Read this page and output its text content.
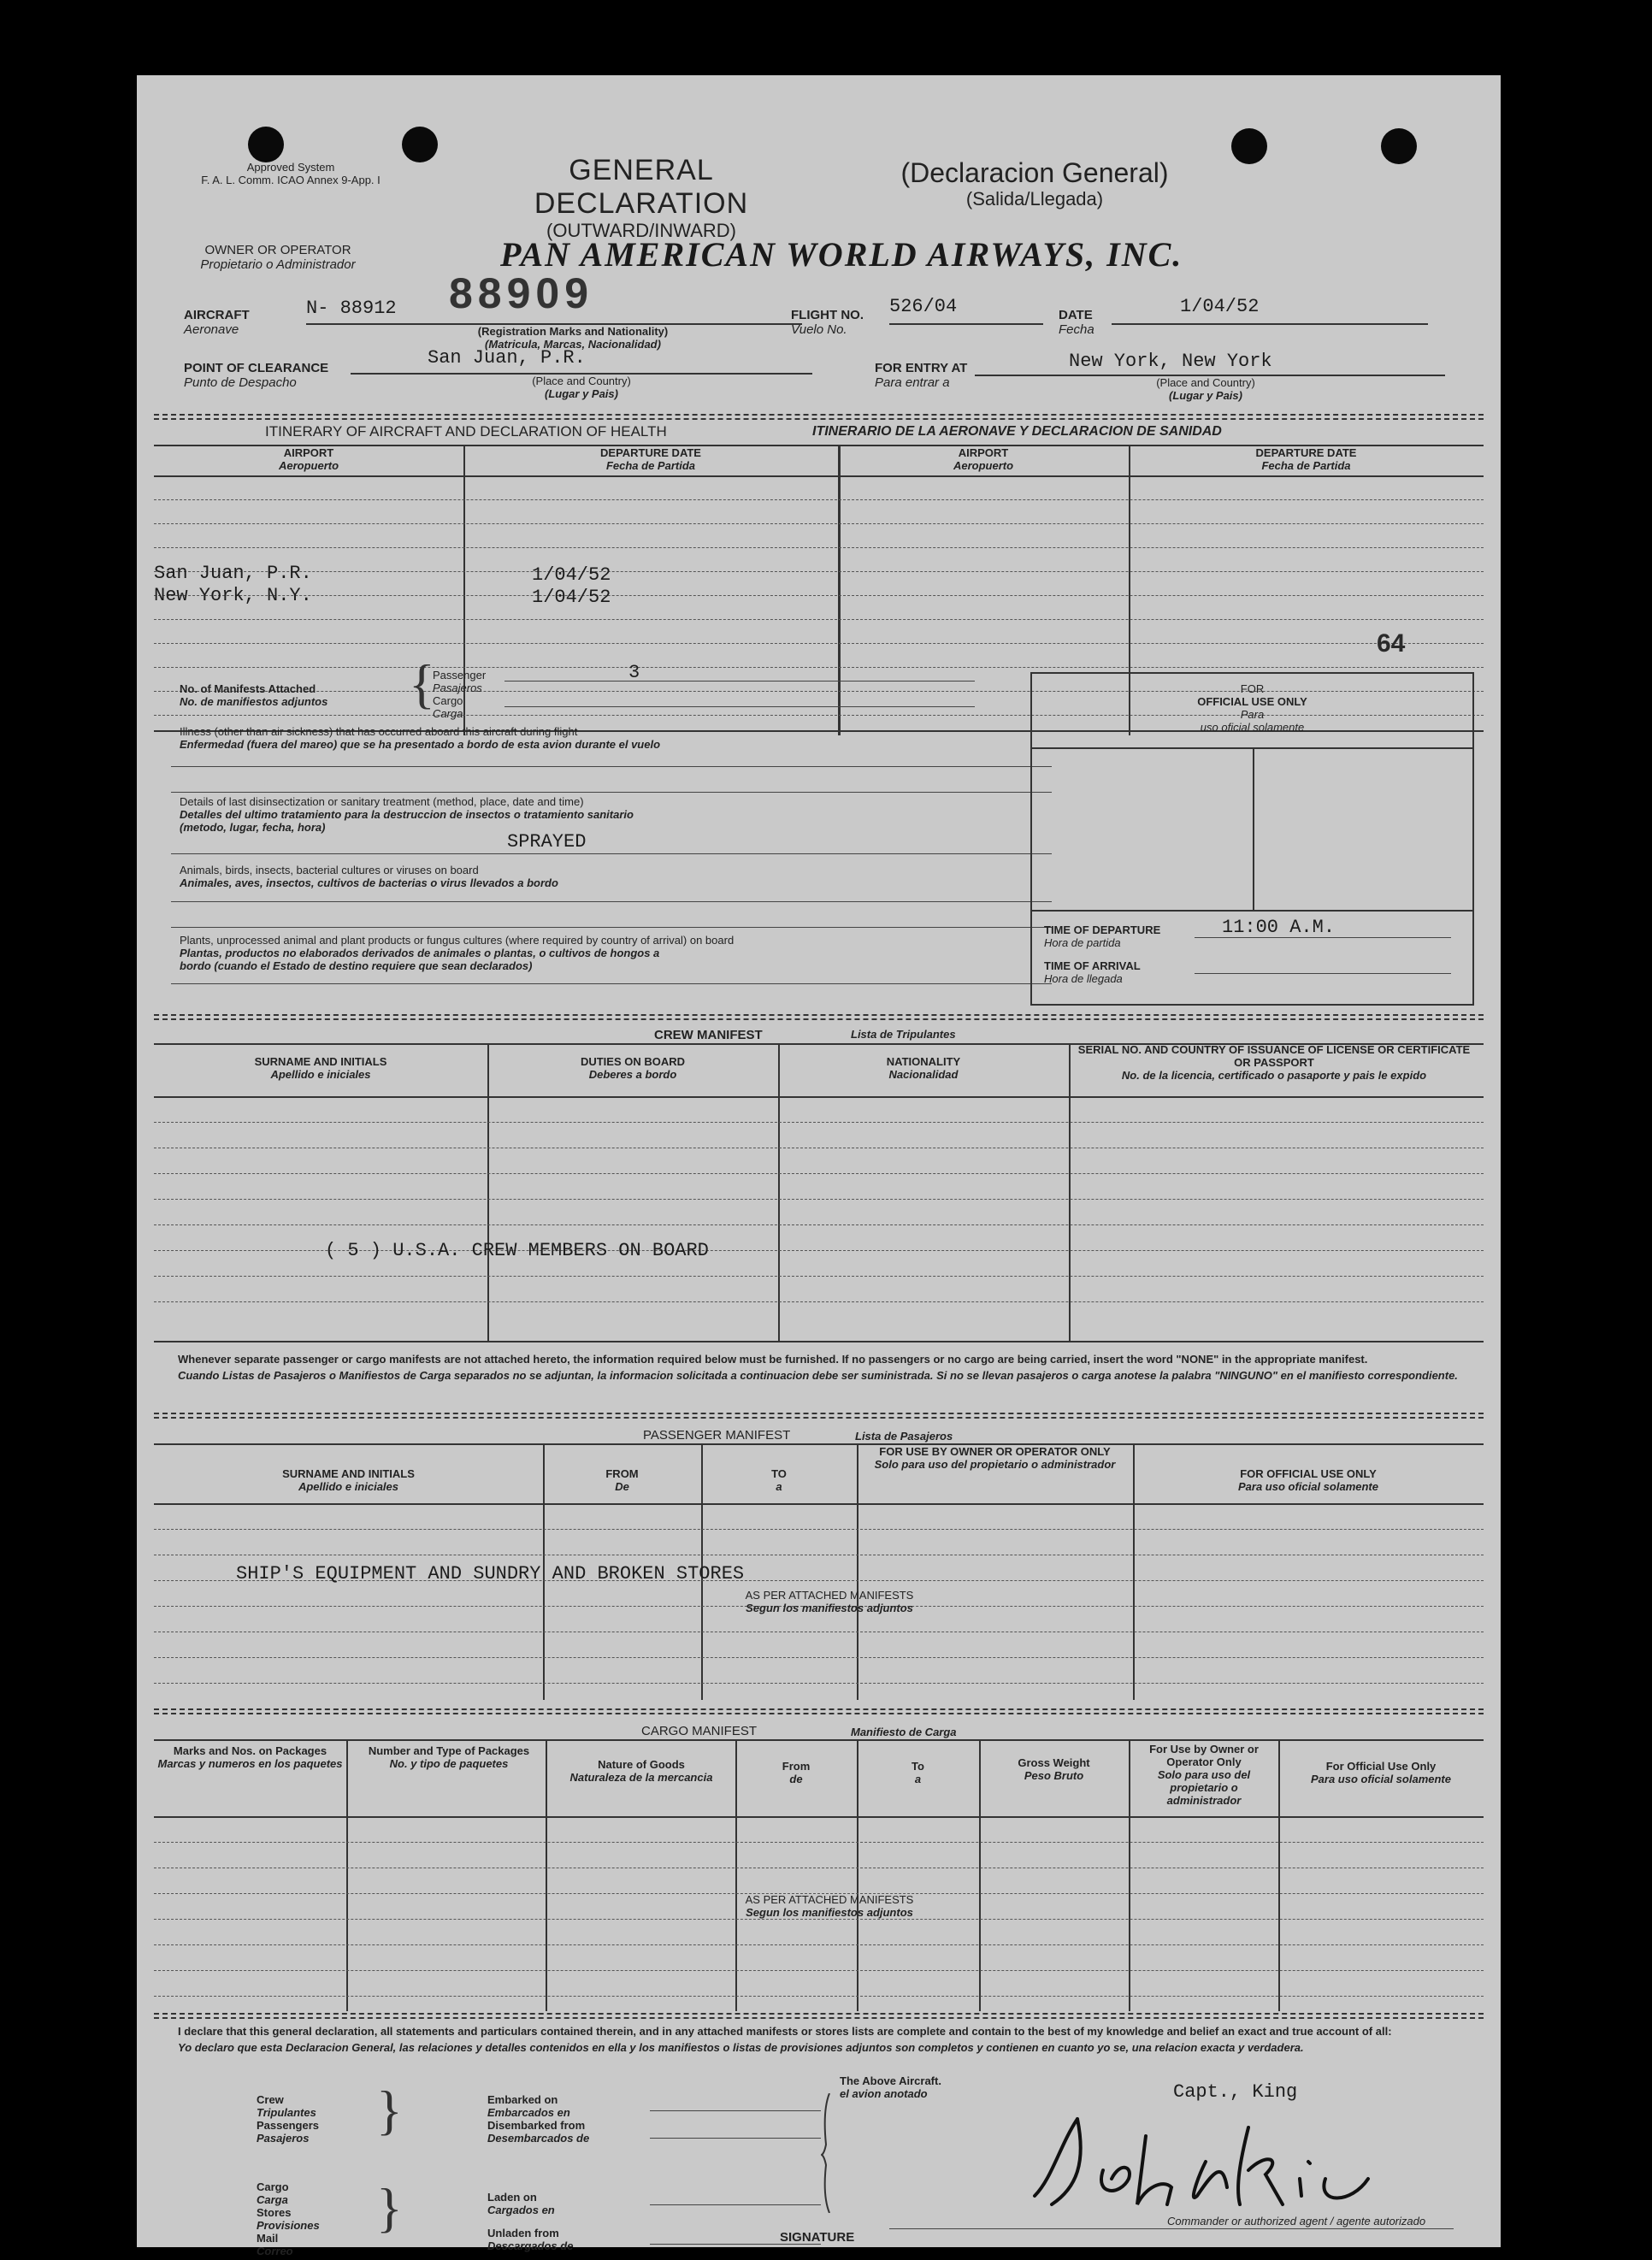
Approved System
F. A. L. Comm. ICAO Annex 9-App. I	GENERAL DECLARATION
(OUTWARD/INWARD)
(Declaracion General)
(Salida/Llegada)
OWNER OR OPERATOR
Propietario o Administrador	PAN AMERICAN WORLD AIRWAYS, INC.
AIRCRAFT
Aeronave
N- 88912 88909
(Registration Marks and Nationality)
(Matricula, Marcas, Nacionalidad)
FLIGHT NO.
Vuelo No.
526/04	DATE
Fecha
1/04/52
POINT OF CLEARANCE
Punto de Despacho
San Juan, P.R.
(Place and Country)
(Lugar y Pais)
FOR ENTRY AT
Para entrar a
New York, New York
(Place and Country)
(Lugar y Pais)
ITINERARY OF AIRCRAFT AND DECLARATION OF HEALTH	ITINERARIO DE LA AERONAVE Y DECLARACION DE SANIDAD
AIRPORT
Aeropuerto
DEPARTURE DATE
Fecha de Partida
AIRPORT
Aeropuerto
DEPARTURE DATE
Fecha de Partida
San Juan, P.R.	1/04/52
New York, N.Y.	1/04/52
64
No. of Manifests Attached
No. de manifiestos adjuntos {
Passenger
Pasajeros
Cargo
Carga
3
Illness (other than air sickness) that has occurred aboard this aircraft during flight
Enfermedad (fuera del mareo) que se ha presentado a bordo de esta avion durante el vuelo
Details of last disinsectization or sanitary treatment (method, place, date and time)
Detalles del ultimo tratamiento para la destruccion de insectos o tratamiento sanitario
(metodo, lugar, fecha, hora)
SPRAYED
Animals, birds, insects, bacterial cultures or viruses on board
Animales, aves, insectos, cultivos de bacterias o virus llevados a bordo
Plants, unprocessed animal and plant products or fungus cultures (where required by country of arrival) on board
Plantas, productos no elaborados derivados de animales o plantas, o cultivos de hongos a
bordo (cuando el Estado de destino requiere que sean declarados)
FOR
OFFICIAL USE ONLY
Para
uso oficial solamente
TIME OF DEPARTURE
Hora de partida
11:00 A.M.
TIME OF ARRIVAL
Hora de llegada
CREW MANIFEST	Lista de Tripulantes
SURNAME AND INITIALS
Apellido e iniciales
DUTIES ON BOARD
Deberes a bordo
NATIONALITY
Nacionalidad
SERIAL NO. AND COUNTRY OF ISSUANCE OF LICENSE OR CERTIFICATE OR PASSPORT
No. de la licencia, certificado o pasaporte y pais le expido
( 5 ) U.S.A. CREW MEMBERS ON BOARD
Whenever separate passenger or cargo manifests are not attached hereto, the information required below must be furnished. If no passengers or no cargo are being carried, insert the word "NONE" in the appropriate manifest.
Cuando Listas de Pasajeros o Manifiestos de Carga separados no se adjuntan, la informacion solicitada a continuacion debe ser suministrada. Si no se llevan pasajeros o carga anotese la palabra "NINGUNO" en el manifiesto correspondiente.
PASSENGER MANIFEST	Lista de Pasajeros
SURNAME AND INITIALS
Apellido e iniciales
FROM
De
TO
a
FOR USE BY OWNER OR OPERATOR ONLY
Solo para uso del propietario o administrador
FOR OFFICIAL USE ONLY
Para uso oficial solamente
SHIP'S EQUIPMENT AND SUNDRY AND BROKEN STORES
AS PER ATTACHED MANIFESTS
Segun los manifiestos adjuntos
CARGO MANIFEST	Manifiesto de Carga
Marks and Nos. on Packages
Marcas y numeros en los paquetes
Number and Type of Packages
No. y tipo de paquetes	Nature of Goods
Naturaleza de la mercancia
From
de
To
a
Gross Weight
Peso Bruto
For Use by Owner or Operator Only
Solo para uso del propietario o administrador
For Official Use Only
Para uso oficial solamente
AS PER ATTACHED MANIFESTS
Segun los manifiestos adjuntos
I declare that this general declaration, all statements and particulars contained therein, and in any attached manifests or stores lists are complete and contain to the best of my knowledge and belief an exact and true account of all:
Yo declaro que esta Declaracion General, las relaciones y detalles contenidos en ella y los manifiestos o listas de provisiones adjuntos son completos y contienen en cuanto yo se, una relacion exacta y verdadera.
Crew
Tripulantes
Passengers
Pasajeros }	Embarked on
Embarcados en
Disembarked from
Desembarcados de
Cargo
Carga
Stores
Provisiones
Mail
Correo
}	Laden on
Cargados en
Unladen from
Descargados de
The Above Aircraft.
el avion anotado	Capt., King
SIGNATURE
Commander or authorized agent / agente autorizado
